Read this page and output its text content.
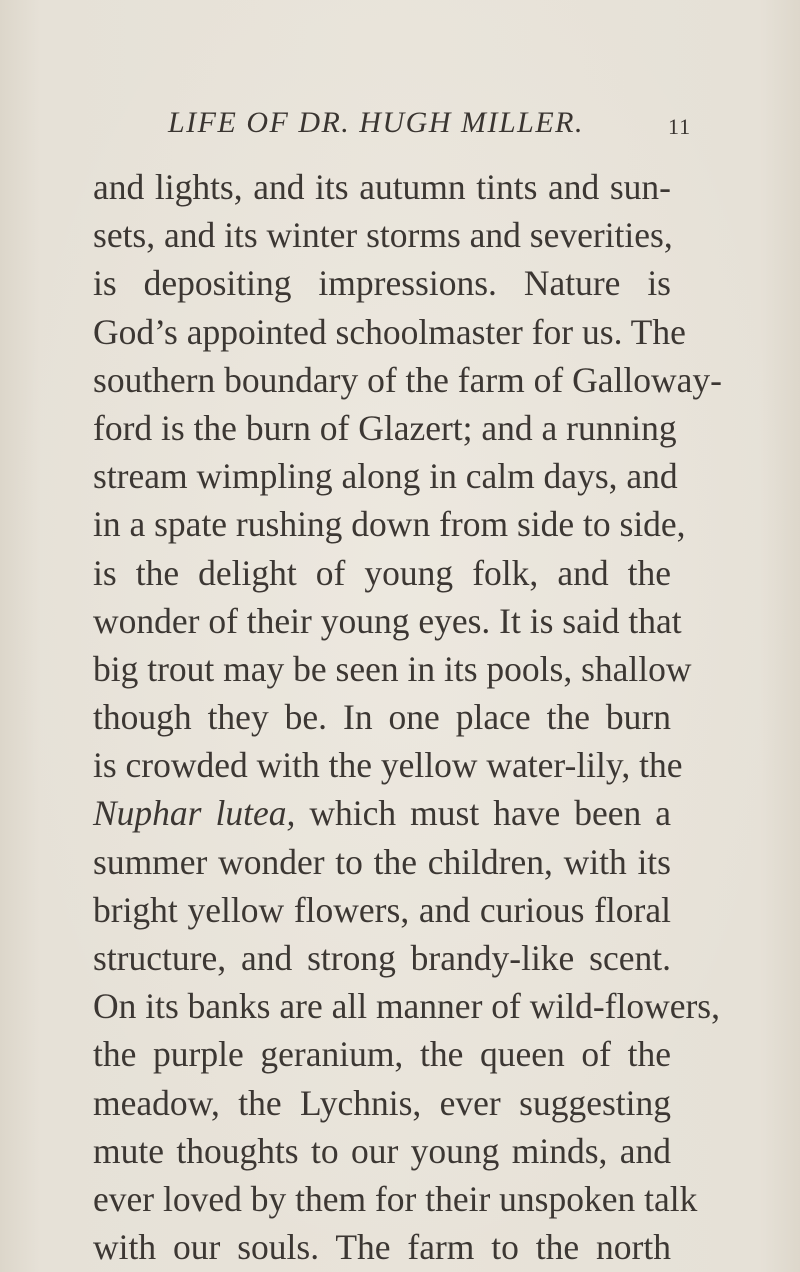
LIFE OF DR. HUGH MILLER.	11
and lights, and its autumn tints and sun-
sets, and its winter storms and severities,
is depositing impressions. Nature is
God’s appointed schoolmaster for us. The
southern boundary of the farm of Galloway-
ford is the burn of Glazert; and a running
stream wimpling along in calm days, and
in a spate rushing down from side to side,
is the delight of young folk, and the
wonder of their young eyes. It is said that
big trout may be seen in its pools, shallow
though they be. In one place the burn
is crowded with the yellow water-lily, the
Nuphar lutea, which must have been a
summer wonder to the children, with its
bright yellow flowers, and curious floral
structure, and strong brandy-like scent.
On its banks are all manner of wild-flowers,
the purple geranium, the queen of the
meadow, the Lychnis, ever suggesting
mute thoughts to our young minds, and
ever loved by them for their unspoken talk
with our souls. The farm to the north
